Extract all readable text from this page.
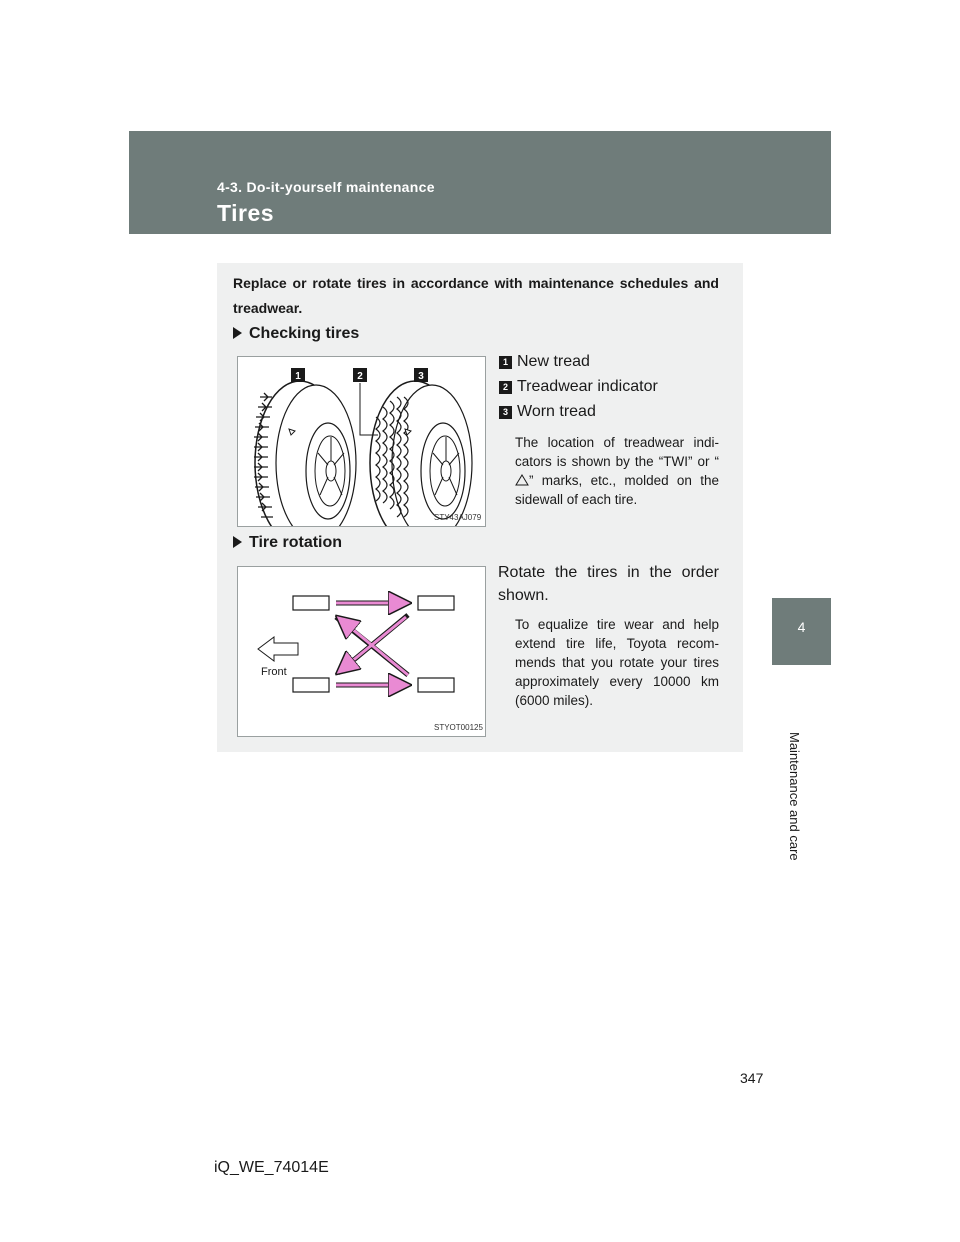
4-3. Do-it-yourself maintenance
Tires
4
Maintenance and care
Replace or rotate tires in accordance with maintenance schedules and treadwear.
Checking tires
1	2	3
STY43AJ079
1 New tread
2 Treadwear indicator
3 Worn tread
The location of treadwear indi-cators is shown by the “TWI” or “” marks, etc., molded on the sidewall of each tire.
Tire rotation
Front
STYOT00125
Rotate the tires in the order shown.
To equalize tire wear and help extend tire life, Toyota recom-mends that you rotate your tires approximately every 10000 km (6000 miles).
347
iQ_WE_74014E
